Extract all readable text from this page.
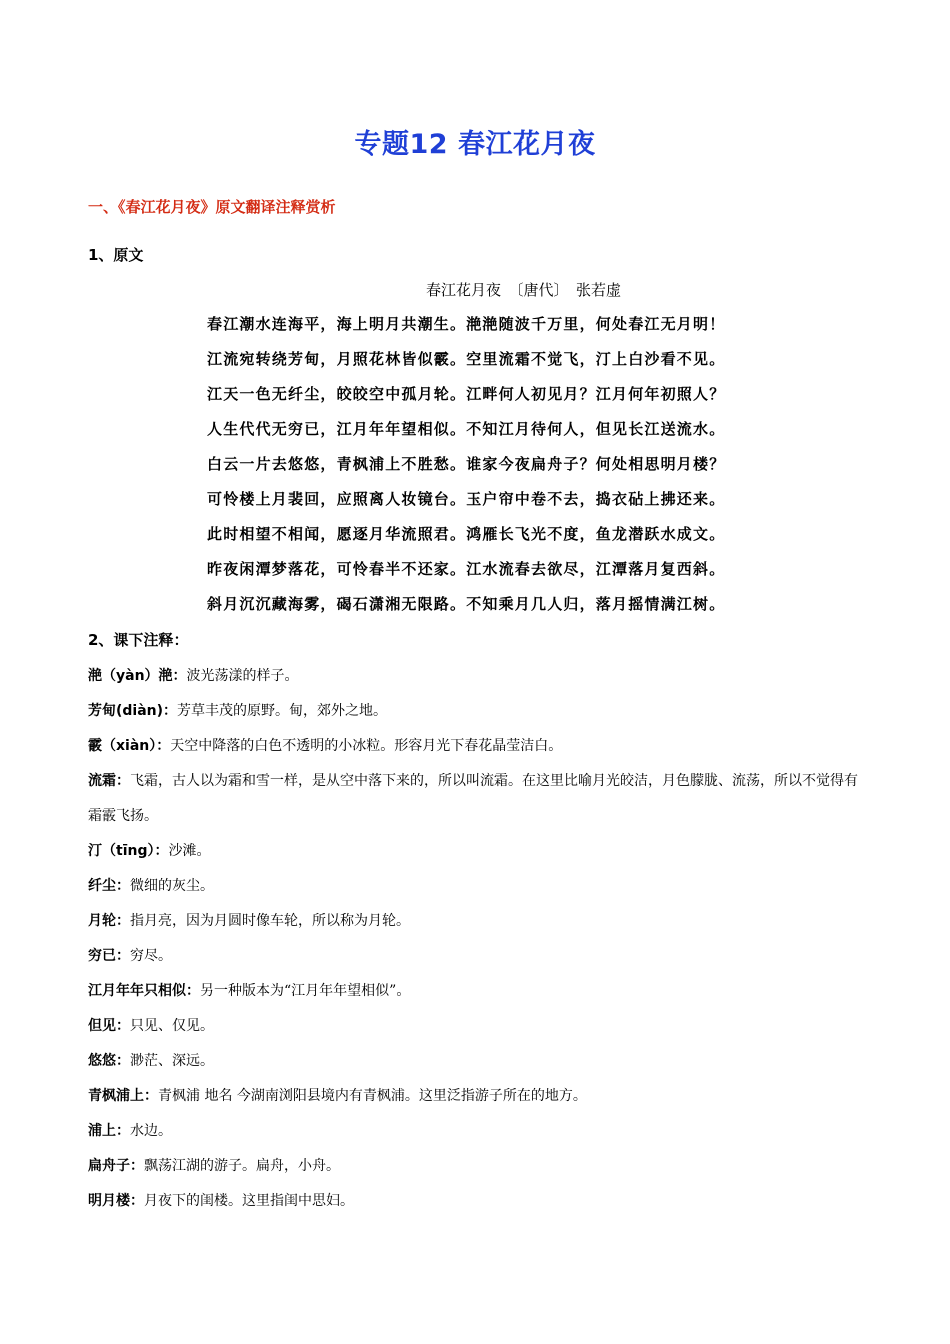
专题12 春江花月夜
一、《春江花月夜》原文翻译注释赏析
1、原文
春江花月夜　〔唐代〕　张若虚
春江潮水连海平，海上明月共潮生。滟滟随波千万里，何处春江无月明！
江流宛转绕芳甸，月照花林皆似霰。空里流霜不觉飞，汀上白沙看不见。
江天一色无纤尘，皎皎空中孤月轮。江畔何人初见月？江月何年初照人？
人生代代无穷已，江月年年望相似。不知江月待何人，但见长江送流水。
白云一片去悠悠，青枫浦上不胜愁。谁家今夜扁舟子？何处相思明月楼？
可怜楼上月裴回，应照离人妆镜台。玉户帘中卷不去，捣衣砧上拂还来。
此时相望不相闻，愿逐月华流照君。鸿雁长飞光不度，鱼龙潜跃水成文。
昨夜闲潭梦落花，可怜春半不还家。江水流春去欲尽，江潭落月复西斜。
斜月沉沉藏海雾，碣石潇湘无限路。不知乘月几人归，落月摇情满江树。
2、课下注释：
滟（yàn）滟：波光荡漾的样子。
芳甸(diàn)：芳草丰茂的原野。甸，郊外之地。
霰（xiàn）：天空中降落的白色不透明的小冰粒。形容月光下春花晶莹洁白。
流霜：飞霜，古人以为霜和雪一样，是从空中落下来的，所以叫流霜。在这里比喻月光皎洁，月色朦胧、流荡，所以不觉得有霜霰飞扬。
汀（tīng）：沙滩。
纤尘：微细的灰尘。
月轮：指月亮，因为月圆时像车轮，所以称为月轮。
穷已：穷尽。
江月年年只相似：另一种版本为“江月年年望相似”。
但见：只见、仅见。
悠悠：渺茫、深远。
青枫浦上：青枫浦 地名 今湖南浏阳县境内有青枫浦。这里泛指游子所在的地方。
浦上：水边。
扁舟子：飘荡江湖的游子。扁舟，小舟。
明月楼：月夜下的闺楼。这里指闺中思妇。
